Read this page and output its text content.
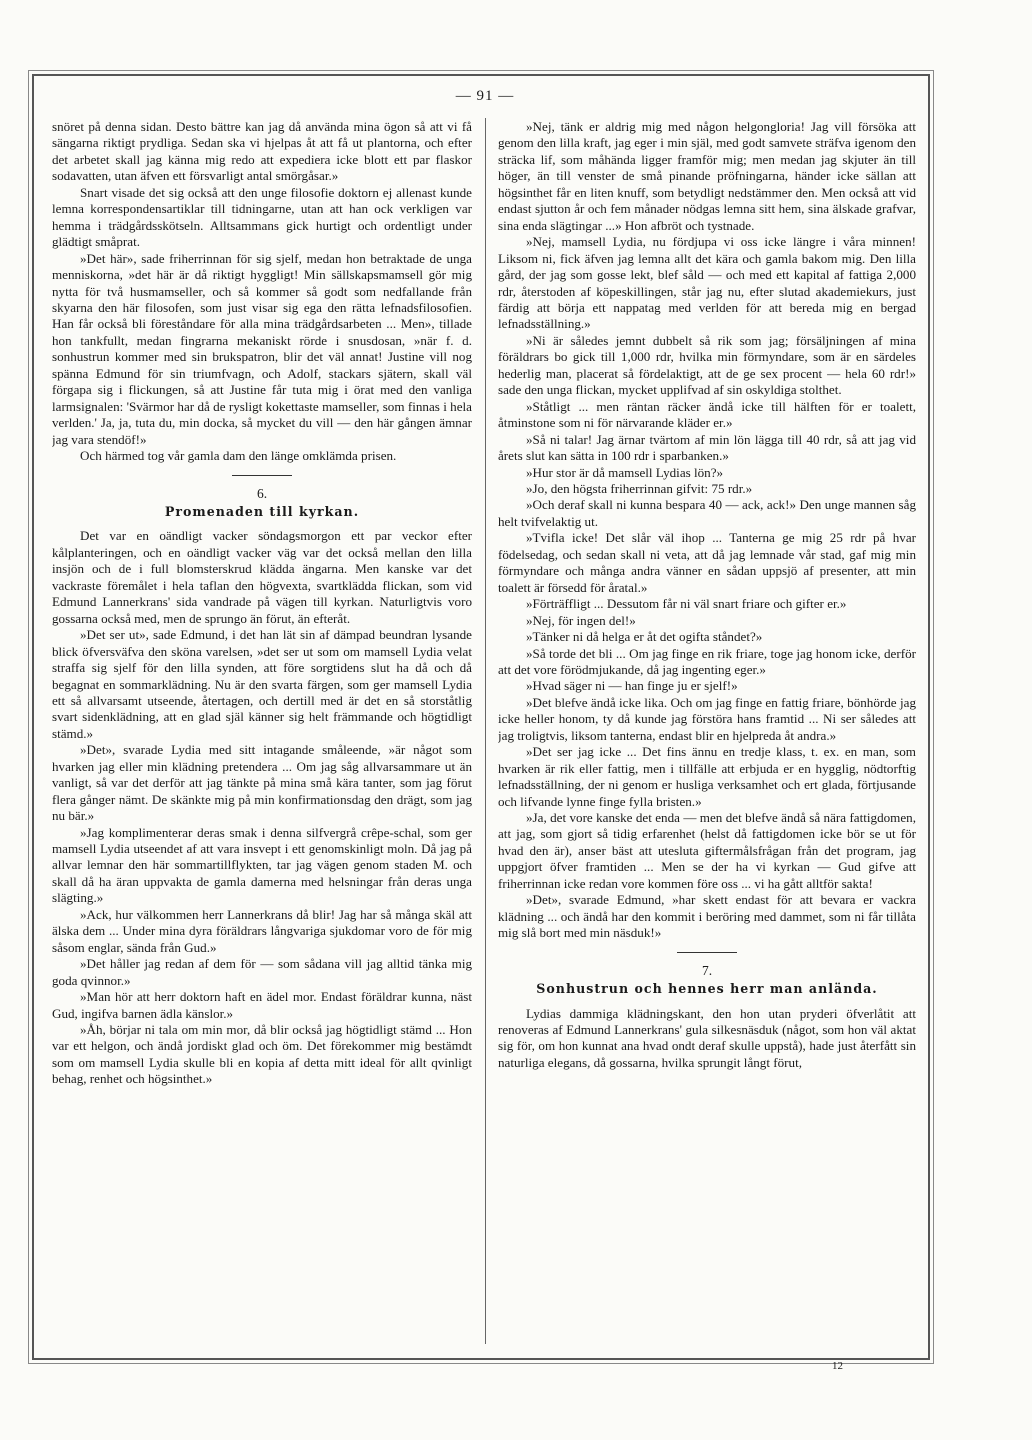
— 91 —

snöret på denna sidan. Desto bättre kan jag då använda mina ögon så att vi få sängarna riktigt prydliga. Sedan ska vi hjelpas åt att få ut plantorna, och efter det arbetet skall jag känna mig redo att expediera icke blott ett par flaskor sodavatten, utan äfven ett försvarligt antal smörgåsar.»

Snart visade det sig också att den unge filosofie doktorn ej allenast kunde lemna korrespondensartiklar till tidningarne, utan att han ock verkligen var hemma i trädgårdsskötseln. Alltsammans gick hurtigt och ordentligt under glädtigt småprat.

»Det här», sade friherrinnan för sig sjelf, medan hon betraktade de unga menniskorna, »det här är då riktigt hyggligt! Min sällskapsmamsell gör mig nytta för två husmamseller, och så kommer så godt som nedfallande från skyarna den här filosofen, som just visar sig ega den rätta lefnadsfilosofien. Han får också bli föreståndare för alla mina trädgårdsarbeten ... Men», tillade hon tankfullt, medan fingrarna mekaniskt rörde i snusdosan, »när f. d. sonhustrun kommer med sin brukspatron, blir det väl annat! Justine vill nog spänna Edmund för sin triumfvagn, och Adolf, stackars sjätern, skall väl förgapa sig i flickungen, så att Justine får tuta mig i örat med den vanliga larmsignalen: 'Svärmor har då de rysligt kokettaste mamseller, som finnas i hela verlden.' Ja, ja, tuta du, min docka, så mycket du vill — den här gången ämnar jag vara stendöf!»

Och härmed tog vår gamla dam den länge omklämda prisen.

6.
Promenaden till kyrkan.

Det var en oändligt vacker söndagsmorgon ett par veckor efter kålplanteringen, och en oändligt vacker väg var det också mellan den lilla insjön och de i full blomsterskrud klädda ängarna. Men kanske var det vackraste föremålet i hela taflan den högvexta, svartklädda flickan, som vid Edmund Lannerkrans' sida vandrade på vägen till kyrkan. Naturligtvis voro gossarna också med, men de sprungo än förut, än efteråt.

»Det ser ut», sade Edmund, i det han lät sin af dämpad beundran lysande blick öfversväfva den sköna varelsen, »det ser ut som om mamsell Lydia velat straffa sig sjelf för den lilla synden, att före sorgtidens slut ha då och då begagnat en sommarklädning. Nu är den svarta färgen, som ger mamsell Lydia ett så allvarsamt utseende, återtagen, och dertill med är det en så storståtlig svart sidenklädning, att en glad själ känner sig helt främmande och högtidligt stämd.»

»Det», svarade Lydia med sitt intagande småleende, »är något som hvarken jag eller min klädning pretendera ... Om jag såg allvarsammare ut än vanligt, så var det derför att jag tänkte på mina små kära tanter, som jag förut flera gånger nämt. De skänkte mig på min konfirmationsdag den drägt, som jag nu bär.»

»Jag komplimenterar deras smak i denna silfvergrå crêpe-schal, som ger mamsell Lydia utseendet af att vara insvept i ett genomskinligt moln. Då jag på allvar lemnar den här sommartillflykten, tar jag vägen genom staden M. och skall då ha äran uppvakta de gamla damerna med helsningar från deras unga slägting.»

»Ack, hur välkommen herr Lannerkrans då blir! Jag har så många skäl att älska dem ... Under mina dyra föräldrars långvariga sjukdomar voro de för mig såsom englar, sända från Gud.»

»Det håller jag redan af dem för — som sådana vill jag alltid tänka mig goda qvinnor.»

»Man hör att herr doktorn haft en ädel mor. Endast föräldrar kunna, näst Gud, ingifva barnen ädla känslor.»

»Åh, börjar ni tala om min mor, då blir också jag högtidligt stämd ... Hon var ett helgon, och ändå jordiskt glad och öm. Det förekommer mig bestämdt som om mamsell Lydia skulle bli en kopia af detta mitt ideal för allt qvinligt behag, renhet och högsinthet.»

»Nej, tänk er aldrig mig med någon helgongloria! Jag vill försöka att genom den lilla kraft, jag eger i min själ, med godt samvete sträfva igenom den sträcka lif, som måhända ligger framför mig; men medan jag skjuter än till höger, än till venster de små pinande pröfningarna, händer icke sällan att högsinthet får en liten knuff, som betydligt nedstämmer den. Men också att vid endast sjutton år och fem månader nödgas lemna sitt hem, sina älskade grafvar, sina enda slägtingar ...» Hon afbröt och tystnade.

»Nej, mamsell Lydia, nu fördjupa vi oss icke längre i våra minnen! Liksom ni, fick äfven jag lemna allt det kära och gamla bakom mig. Den lilla gård, der jag som gosse lekt, blef såld — och med ett kapital af fattiga 2,000 rdr, återstoden af köpeskillingen, står jag nu, efter slutad akademiekurs, just färdig att börja ett nappatag med verlden för att bereda mig en bergad lefnadsställning.»

»Ni är således jemnt dubbelt så rik som jag; försäljningen af mina föräldrars bo gick till 1,000 rdr, hvilka min förmyndare, som är en särdeles hederlig man, placerat så fördelaktigt, att de ge sex procent — hela 60 rdr!» sade den unga flickan, mycket upplifvad af sin oskyldiga stolthet.

»Ståtligt ... men räntan räcker ändå icke till hälften för er toalett, åtminstone som ni för närvarande kläder er.»

»Så ni talar! Jag ärnar tvärtom af min lön lägga till 40 rdr, så att jag vid årets slut kan sätta in 100 rdr i sparbanken.»

»Hur stor är då mamsell Lydias lön?»

»Jo, den högsta friherrinnan gifvit: 75 rdr.»

»Och deraf skall ni kunna bespara 40 — ack, ack!» Den unge mannen såg helt tvifvelaktig ut.

»Tvifla icke! Det slår väl ihop ... Tanterna ge mig 25 rdr på hvar födelsedag, och sedan skall ni veta, att då jag lemnade vår stad, gaf mig min förmyndare och många andra vänner en sådan uppsjö af presenter, att min toalett är försedd för åratal.»

»Förträffligt ... Dessutom får ni väl snart friare och gifter er.»

»Nej, för ingen del!»

»Tänker ni då helga er åt det ogifta ståndet?»

»Så torde det bli ... Om jag finge en rik friare, toge jag honom icke, derför att det vore förödmjukande, då jag ingenting eger.»

»Hvad säger ni — han finge ju er sjelf!»

»Det blefve ändå icke lika. Och om jag finge en fattig friare, bönhörde jag icke heller honom, ty då kunde jag förstöra hans framtid ... Ni ser således att jag troligtvis, liksom tanterna, endast blir en hjelpreda åt andra.»

»Det ser jag icke ... Det fins ännu en tredje klass, t. ex. en man, som hvarken är rik eller fattig, men i tillfälle att erbjuda er en hygglig, nödtorftig lefnadsställning, der ni genom er husliga verksamhet och ert glada, förtjusande och lifvande lynne finge fylla bristen.»

»Ja, det vore kanske det enda — men det blefve ändå så nära fattigdomen, att jag, som gjort så tidig erfarenhet (helst då fattigdomen icke bör se ut för hvad den är), anser bäst att utesluta giftermålsfrågan från det program, jag uppgjort öfver framtiden ... Men se der ha vi kyrkan — Gud gifve att friherrinnan icke redan vore kommen före oss ... vi ha gått alltför sakta!

»Det», svarade Edmund, »har skett endast för att bevara er vackra klädning ... och ändå har den kommit i beröring med dammet, som ni får tillåta mig slå bort med min näsduk!»

7.
Sonhustrun och hennes herr man anlända.

Lydias dammiga klädningskant, den hon utan pryderi öfverlåtit att renoveras af Edmund Lannerkrans' gula silkesnäsduk (något, som hon väl aktat sig för, om hon kunnat ana hvad ondt deraf skulle uppstå), hade just återfått sin naturliga elegans, då gossarna, hvilka sprungit långt förut,

12
